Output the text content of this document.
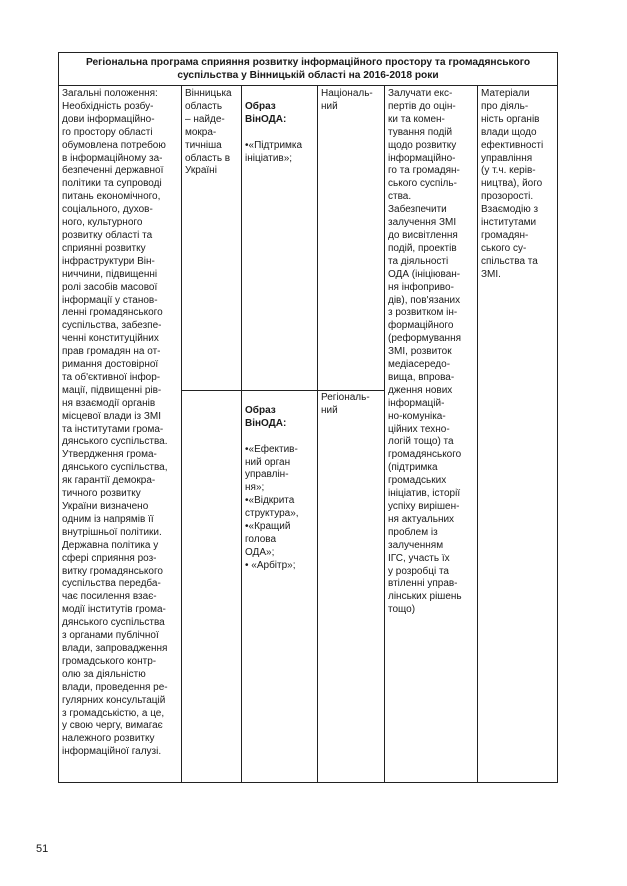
Регіональна програма сприяння розвитку інформаційного простору та громадянського суспільства у Вінницькій області на 2016-2018 роки
Загальні положення:
Необхідність розбу-
дови інформаційно-
го простору області
обумовлена потребою
в інформаційному за-
безпеченні державної
політики та супроводі
питань економічного,
соціального, духов-
ного, культурного
розвитку області та
сприянні розвитку
інфраструктури Він-
ниччини, підвищенні
ролі засобів масової
інформації у станов-
ленні громадянського
суспільства, забезпе-
ченні конституційних
прав громадян на от-
римання достовірної
та об'єктивної інфор-
мації, підвищенні рів-
ня взаємодії органів
місцевої влади із ЗМІ
та інститутами грома-
дянського суспільства.
Утвердження грома-
дянського суспільства,
як гарантії демокра-
тичного розвитку
України визначено
одним із напрямів її
внутрішньої політики.
Державна політика у
сфері сприяння роз-
витку громадянського
суспільства передба-
чає посилення взає-
модії інститутів грома-
дянського суспільства
з органами публічної
влади, запровадження
громадського контр-
олю за діяльністю
влади, проведення ре-
гулярних консультацій
з громадськістю, а це,
у свою чергу, вимагає
належного розвитку
інформаційної галузі.
Вінницька
область
– найде-
мокра-
тичніша
область в
Україні

Образ
ВінОДА:

•«Підтримка
ініціатив»;

Образ
ВінОДА:

•«Ефектив-
ний орган
управлін-
ня»;
•«Відкрита
структура»,
•«Кращий
голова
ОДА»;
• «Арбітр»;

Національ-
ний
Регіональ-
ний
Залучати екс-
пертів до оцін-
ки та комен-
тування подій
щодо розвитку
інформаційно-
го та громадян-
ського суспіль-
ства.
Забезпечити
залучення ЗМІ
до висвітлення
подій, проектів
та діяльності
ОДА (ініціюван-
ня інфоприво-
дів), пов'язаних
з розвитком ін-
формаційного
(реформування
ЗМІ, розвиток
медіасередо-
вища, впрова-
дження нових
інформацій-
но-комуніка-
ційних техно-
логій тощо) та
громадянського
(підтримка
громадських
ініціатив, історії
успіху вирішен-
ня актуальних
проблем із
залученням
ІГС, участь їх
у розробці та
втіленні управ-
лінських рішень
тощо)
Матеріали
про діяль-
ність органів
влади щодо
ефективності
управління
(у т.ч. керів-
ництва), його
прозорості.
Взаємодію з
інститутами
громадян-
ського су-
спільства та
ЗМІ.
51
